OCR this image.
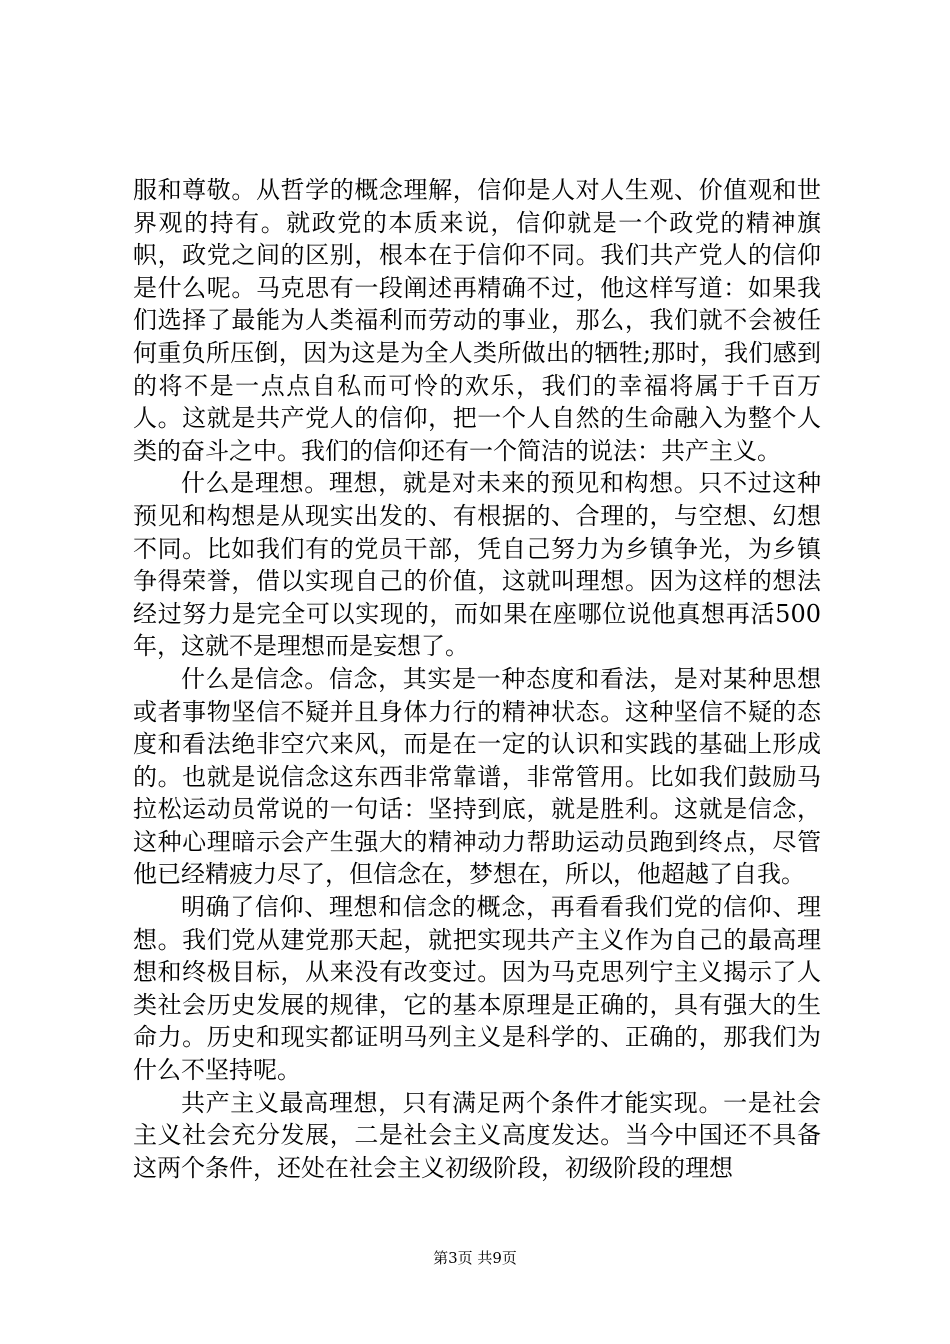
服和尊敬。从哲学的概念理解，信仰是人对人生观、价值观和世界观的持有。就政党的本质来说，信仰就是一个政党的精神旗帜，政党之间的区别，根本在于信仰不同。我们共产党人的信仰是什么呢。马克思有一段阐述再精确不过，他这样写道：如果我们选择了最能为人类福利而劳动的事业，那么，我们就不会被任何重负所压倒，因为这是为全人类所做出的牺牲;那时，我们感到的将不是一点点自私而可怜的欢乐，我们的幸福将属于千百万人。这就是共产党人的信仰，把一个人自然的生命融入为整个人类的奋斗之中。我们的信仰还有一个简洁的说法：共产主义。

什么是理想。理想，就是对未来的预见和构想。只不过这种预见和构想是从现实出发的、有根据的、合理的，与空想、幻想不同。比如我们有的党员干部，凭自己努力为乡镇争光，为乡镇争得荣誉，借以实现自己的价值，这就叫理想。因为这样的想法经过努力是完全可以实现的，而如果在座哪位说他真想再活500年，这就不是理想而是妄想了。

什么是信念。信念，其实是一种态度和看法，是对某种思想或者事物坚信不疑并且身体力行的精神状态。这种坚信不疑的态度和看法绝非空穴来风，而是在一定的认识和实践的基础上形成的。也就是说信念这东西非常靠谱，非常管用。比如我们鼓励马拉松运动员常说的一句话：坚持到底，就是胜利。这就是信念，这种心理暗示会产生强大的精神动力帮助运动员跑到终点，尽管他已经精疲力尽了，但信念在，梦想在，所以，他超越了自我。

明确了信仰、理想和信念的概念，再看看我们党的信仰、理想。我们党从建党那天起，就把实现共产主义作为自己的最高理想和终极目标，从来没有改变过。因为马克思列宁主义揭示了人类社会历史发展的规律，它的基本原理是正确的，具有强大的生命力。历史和现实都证明马列主义是科学的、正确的，那我们为什么不坚持呢。

共产主义最高理想，只有满足两个条件才能实现。一是社会主义社会充分发展，二是社会主义高度发达。当今中国还不具备这两个条件，还处在社会主义初级阶段，初级阶段的理想

第3页 共9页
